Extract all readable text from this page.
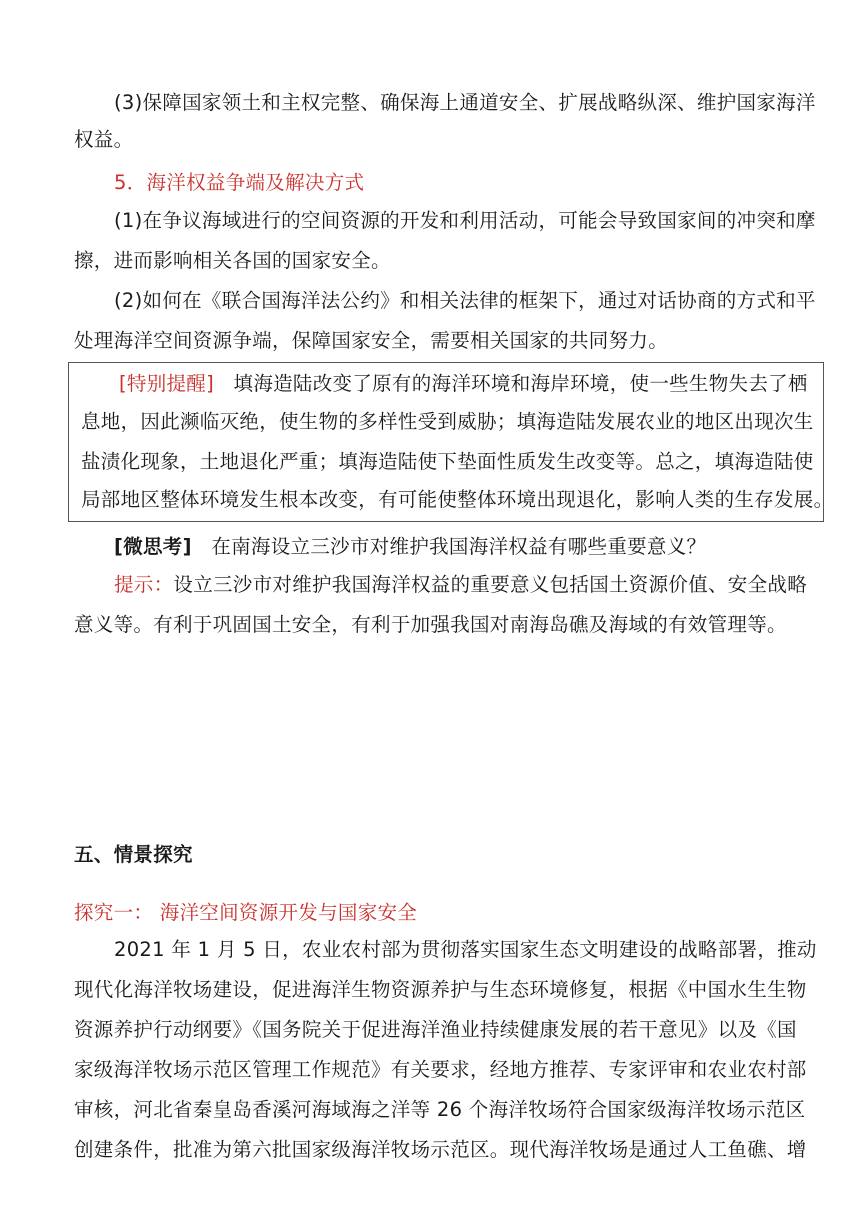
(3)保障国家领土和主权完整、确保海上通道安全、扩展战略纵深、维护国家海洋
权益。
5．海洋权益争端及解决方式
(1)在争议海域进行的空间资源的开发和利用活动，可能会导致国家间的冲突和摩
擦，进而影响相关各国的国家安全。
(2)如何在《联合国海洋法公约》和相关法律的框架下，通过对话协商的方式和平
处理海洋空间资源争端，保障国家安全，需要相关国家的共同努力。
[特别提醒] 填海造陆改变了原有的海洋环境和海岸环境，使一些生物失去了栖
息地，因此濒临灭绝，使生物的多样性受到威胁；填海造陆发展农业的地区出现次生
盐渍化现象，土地退化严重；填海造陆使下垫面性质发生改变等。总之，填海造陆使
局部地区整体环境发生根本改变，有可能使整体环境出现退化，影响人类的生存发展。
[微思考] 在南海设立三沙市对维护我国海洋权益有哪些重要意义？
提示：设立三沙市对维护我国海洋权益的重要意义包括国土资源价值、安全战略
意义等。有利于巩固国土安全，有利于加强我国对南海岛礁及海域的有效管理等。
五、情景探究
探究一： 海洋空间资源开发与国家安全
2021 年 1 月 5 日，农业农村部为贯彻落实国家生态文明建设的战略部署，推动
现代化海洋牧场建设，促进海洋生物资源养护与生态环境修复，根据《中国水生生物
资源养护行动纲要》《国务院关于促进海洋渔业持续健康发展的若干意见》以及《国
家级海洋牧场示范区管理工作规范》有关要求，经地方推荐、专家评审和农业农村部
审核，河北省秦皇岛香溪河海域海之洋等 26 个海洋牧场符合国家级海洋牧场示范区
创建条件，批准为第六批国家级海洋牧场示范区。现代海洋牧场是通过人工鱼礁、增
